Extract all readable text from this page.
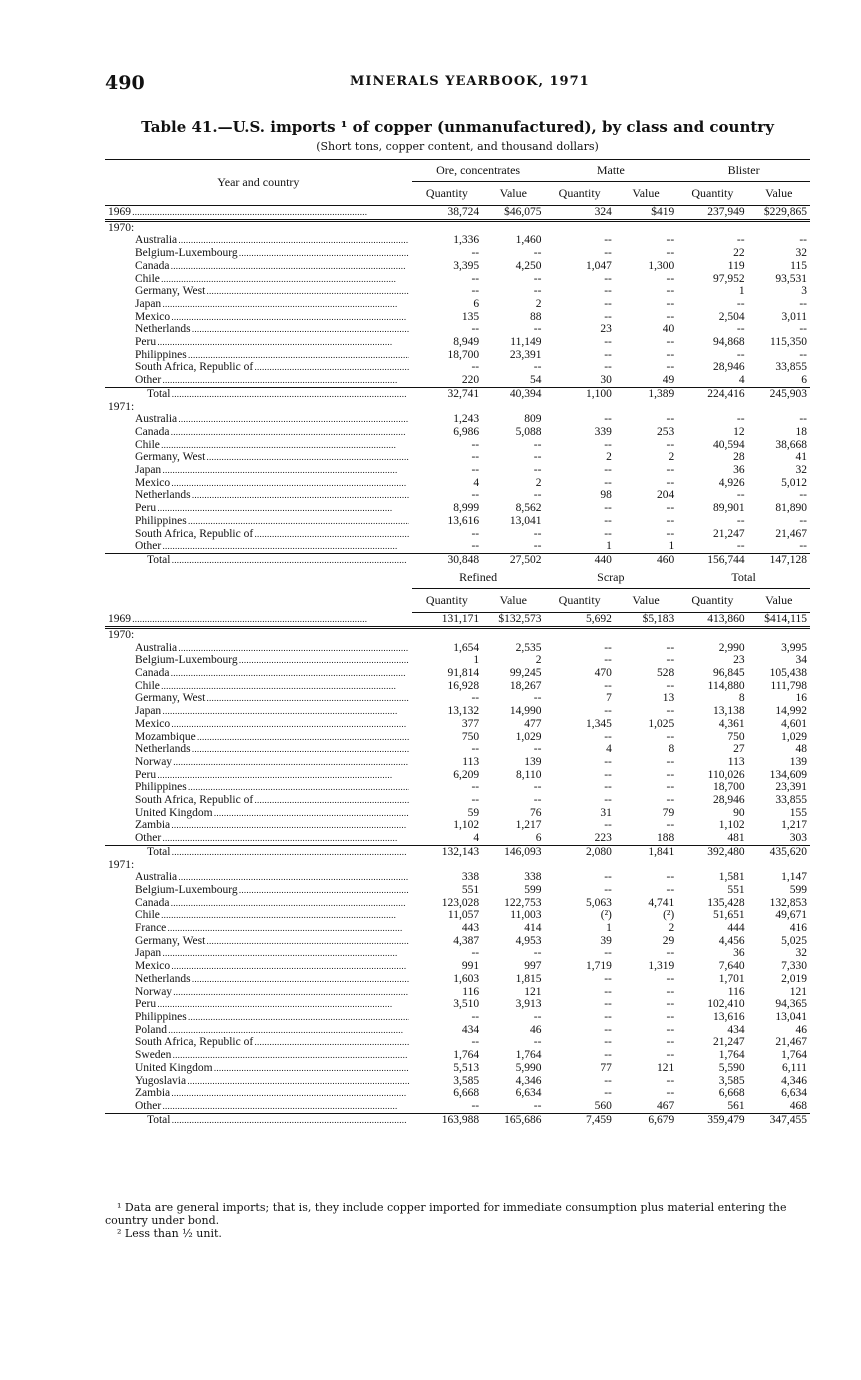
490	MINERALS YEARBOOK, 1971
Table 41.—U.S. imports ¹ of copper (unmanufactured), by class and country
(Short tons, copper content, and thousand dollars)
Year and country	Ore, concentrates		Matte		Blister	
	Quantity	Value	Quantity	Value	Quantity	Value

1969 . . .	38,724	$46,075	324	$419	237,949	$229,865
1970:						

Australia . . .	1,336	1,460	--	--	--	--

Belgium-Luxembourg . . .	--	--	--	--	22	32

Canada . . .	3,395	4,250	1,047	1,300	119	115

Chile . . .	--	--	--	--	97,952	93,531

Germany, West . . .	--	--	--	--	1	3

Japan . . .	6	2	--	--	--	--

Mexico . . .	135	88	--	--	2,504	3,011

Netherlands . . .	--	--	23	40	--	--

Peru . . .	8,949	11,149	--	--	94,868	115,350

Philippines . . .	18,700	23,391	--	--	--	--

South Africa, Republic of . . .	--	--	--	--	28,946	33,855

Other . . .	220	54	30	49	4	6

Total . . .	32,741	40,394	1,100	1,389	224,416	245,903
1971:						

Australia . . .	1,243	809	--	--	--	--

Canada . . .	6,986	5,088	339	253	12	18

Chile . . .	--	--	--	--	40,594	38,668

Germany, West . . .	--	--	2	2	28	41

Japan . . .	--	--	--	--	36	32

Mexico . . .	4	2	--	--	4,926	5,012

Netherlands . . .	--	--	98	204	--	--

Peru . . .	8,999	8,562	--	--	89,901	81,890

Philippines . . .	13,616	13,041	--	--	--	--

South Africa, Republic of . . .	--	--	--	--	21,247	21,467

Other . . .	--	--	1	1	--	--

Total . . .	30,848	27,502	440	460	156,744	147,128
	Refined		Scrap		Total	
	Quantity	Value	Quantity	Value	Quantity	Value

1969 . . .	131,171	$132,573	5,692	$5,183	413,860	$414,115
1970:						

Australia . . .	1,654	2,535	--	--	2,990	3,995

Belgium-Luxembourg . . .	1	2	--	--	23	34

Canada . . .	91,814	99,245	470	528	96,845	105,438

Chile . . .	16,928	18,267	--	--	114,880	111,798

Germany, West . . .	--	--	7	13	8	16

Japan . . .	13,132	14,990	--	--	13,138	14,992

Mexico . . .	377	477	1,345	1,025	4,361	4,601

Mozambique . . .	750	1,029	--	--	750	1,029

Netherlands . . .	--	--	4	8	27	48

Norway . . .	113	139	--	--	113	139

Peru . . .	6,209	8,110	--	--	110,026	134,609

Philippines . . .	--	--	--	--	18,700	23,391

South Africa, Republic of . . .	--	--	--	--	28,946	33,855

United Kingdom . . .	59	76	31	79	90	155

Zambia . . .	1,102	1,217	--	--	1,102	1,217

Other . . .	4	6	223	188	481	303

Total . . .	132,143	146,093	2,080	1,841	392,480	435,620
1971:						

Australia . . .	338	338	--	--	1,581	1,147

Belgium-Luxembourg . . .	551	599	--	--	551	599

Canada . . .	123,028	122,753	5,063	4,741	135,428	132,853

Chile . . .	11,057	11,003	(²)	(²)	51,651	49,671

France . . .	443	414	1	2	444	416

Germany, West . . .	4,387	4,953	39	29	4,456	5,025

Japan . . .	--	--	--	--	36	32

Mexico . . .	991	997	1,719	1,319	7,640	7,330

Netherlands . . .	1,603	1,815	--	--	1,701	2,019

Norway . . .	116	121	--	--	116	121

Peru . . .	3,510	3,913	--	--	102,410	94,365

Philippines . . .	--	--	--	--	13,616	13,041

Poland . . .	434	46	--	--	434	46

South Africa, Republic of . . .	--	--	--	--	21,247	21,467

Sweden . . .	1,764	1,764	--	--	1,764	1,764

United Kingdom . . .	5,513	5,990	77	121	5,590	6,111

Yugoslavia . . .	3,585	4,346	--	--	3,585	4,346

Zambia . . .	6,668	6,634	--	--	6,668	6,634

Other . . .	--	--	560	467	561	468

Total . . .	163,988	165,686	7,459	6,679	359,479	347,455

¹ Data are general imports; that is, they include copper imported for immediate consumption plus material entering the country under bond.

² Less than ½ unit.
